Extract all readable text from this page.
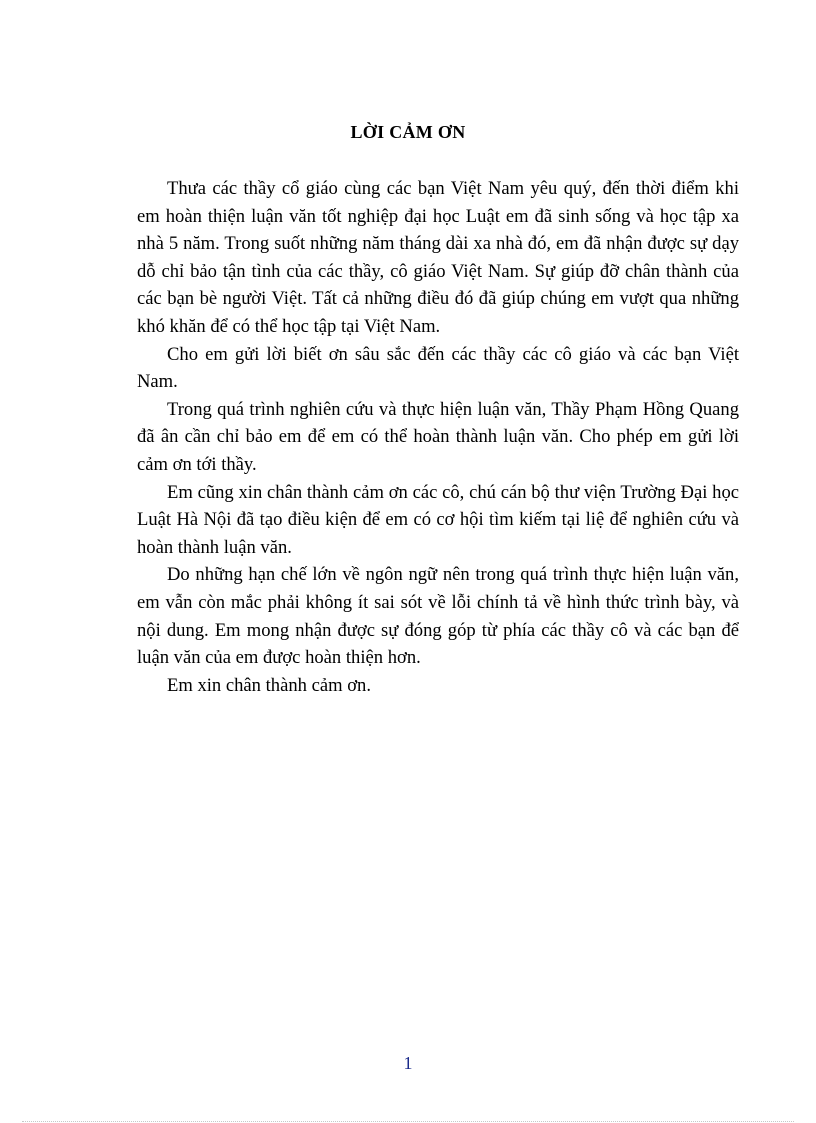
LỜI CẢM ƠN

Thưa các thầy cổ giáo cùng các bạn Việt Nam yêu quý, đến thời điểm khi em hoàn thiện luận văn tốt nghiệp đại học Luật em đã sinh sống và học tập xa nhà 5 năm. Trong suốt những năm tháng dài xa nhà đó, em đã nhận được sự dạy dỗ chỉ bảo tận tình của các thầy, cô giáo Việt Nam. Sự giúp đỡ chân thành của các bạn bè người Việt. Tất cả những điều đó đã giúp chúng em vượt qua những khó khăn để có thể học tập tại Việt Nam.

Cho em gửi lời biết ơn sâu sắc đến các thầy các cô giáo và các bạn Việt Nam.

Trong quá trình nghiên cứu và thực hiện luận văn, Thầy Phạm Hồng Quang đã ân cần chỉ bảo em để em có thể hoàn thành luận văn. Cho phép em gửi lời cảm ơn tới thầy.

Em cũng xin chân thành cảm ơn các cô, chú cán bộ thư viện Trường Đại học Luật Hà Nội đã tạo điều kiện để em có cơ hội tìm kiếm tại liệ để nghiên cứu và hoàn thành luận văn.

Do những hạn chế lớn về ngôn ngữ nên trong quá trình thực hiện luận văn, em vẫn còn mắc phải không ít sai sót về lỗi chính tả về hình thức trình bày, và nội dung. Em mong nhận được sự đóng góp từ phía các thầy cô và các bạn để luận văn của em được hoàn thiện hơn.

Em xin chân thành cảm ơn.

1
